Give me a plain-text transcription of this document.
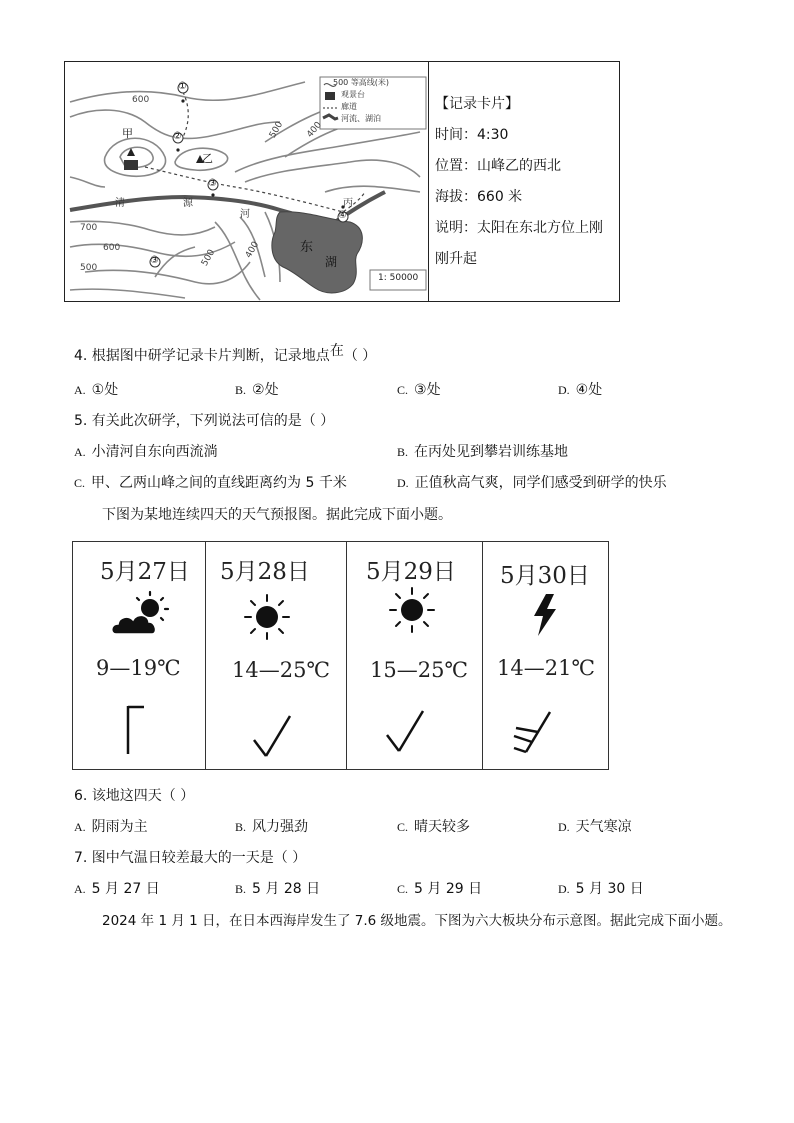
500 等高线(米)
观景台
廊道
河流、湖泊
600
500 400
700
600
500	400
500
甲
乙
①
②
③
④
③
清	源
河
丙
东
湖
1: 50000
【记录卡片】
时间：4:30
位置：山峰乙的西北
海拔：660 米
说明：太阳在东北方位上刚
刚升起
4. 根据图中研学记录卡片判断，记录地点在（ ）
A. ①处	B. ②处	C. ③处	D. ④处
5. 有关此次研学，下列说法可信的是（ ）
A. 小清河自东向西流淌	B. 在丙处见到攀岩训练基地
C. 甲、乙两山峰之间的直线距离约为 5 千米	D. 正值秋高气爽，同学们感受到研学的快乐
下图为某地连续四天的天气预报图。据此完成下面小题。
5月27日 5月28日 5月29日 5月30日
9—19℃ 14—25℃ 15—25℃ 14—21℃
6. 该地这四天（ ）
A. 阴雨为主	B. 风力强劲	C. 晴天较多	D. 天气寒凉
7. 图中气温日较差最大的一天是（ ）
A. 5 月 27 日	B. 5 月 28 日	C. 5 月 29 日	D. 5 月 30 日
2024 年 1 月 1 日，在日本西海岸发生了 7.6 级地震。下图为六大板块分布示意图。据此完成下面小题。
